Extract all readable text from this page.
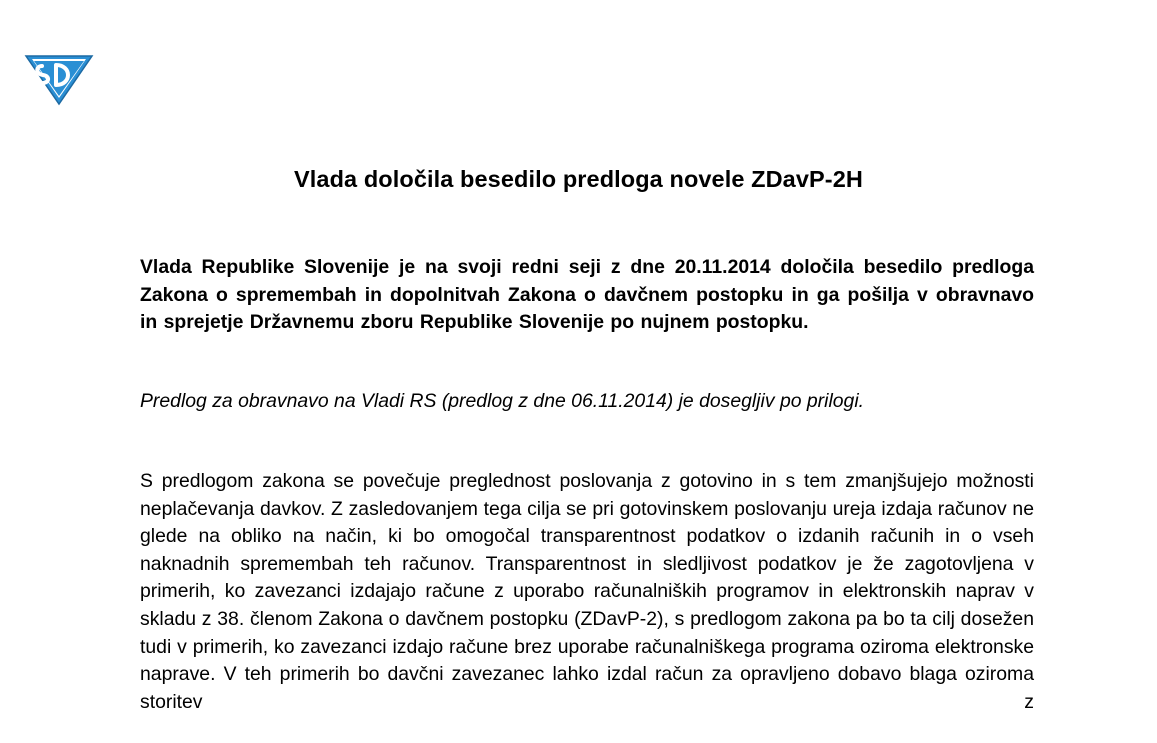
Vlada določila besedilo predloga novele ZDavP-2H
Vlada Republike Slovenije je na svoji redni seji z dne 20.11.2014 določila besedilo predloga Zakona o spremembah in dopolnitvah Zakona o davčnem postopku in ga pošilja v obravnavo in sprejetje Državnemu zboru Republike Slovenije po nujnem postopku.
Predlog za obravnavo na Vladi RS (predlog z dne 06.11.2014) je dosegljiv po prilogi.
S predlogom zakona se povečuje preglednost poslovanja z gotovino in s tem zmanjšujejo možnosti neplačevanja davkov. Z zasledovanjem tega cilja se pri gotovinskem poslovanju ureja izdaja računov ne glede na obliko na način, ki bo omogočal transparentnost podatkov o izdanih računih in o vseh naknadnih spremembah teh računov. Transparentnost in sledljivost podatkov je že zagotovljena v primerih, ko zavezanci izdajajo račune z uporabo računalniških programov in elektronskih naprav v skladu z 38. členom Zakona o davčnem postopku (ZDavP-2), s predlogom zakona pa bo ta cilj dosežen tudi v primerih, ko zavezanci izdajo račune brez uporabe računalniškega programa oziroma elektronske naprave. V teh primerih bo davčni zavezanec lahko izdal račun za opravljeno dobavo blaga oziroma storitev z
